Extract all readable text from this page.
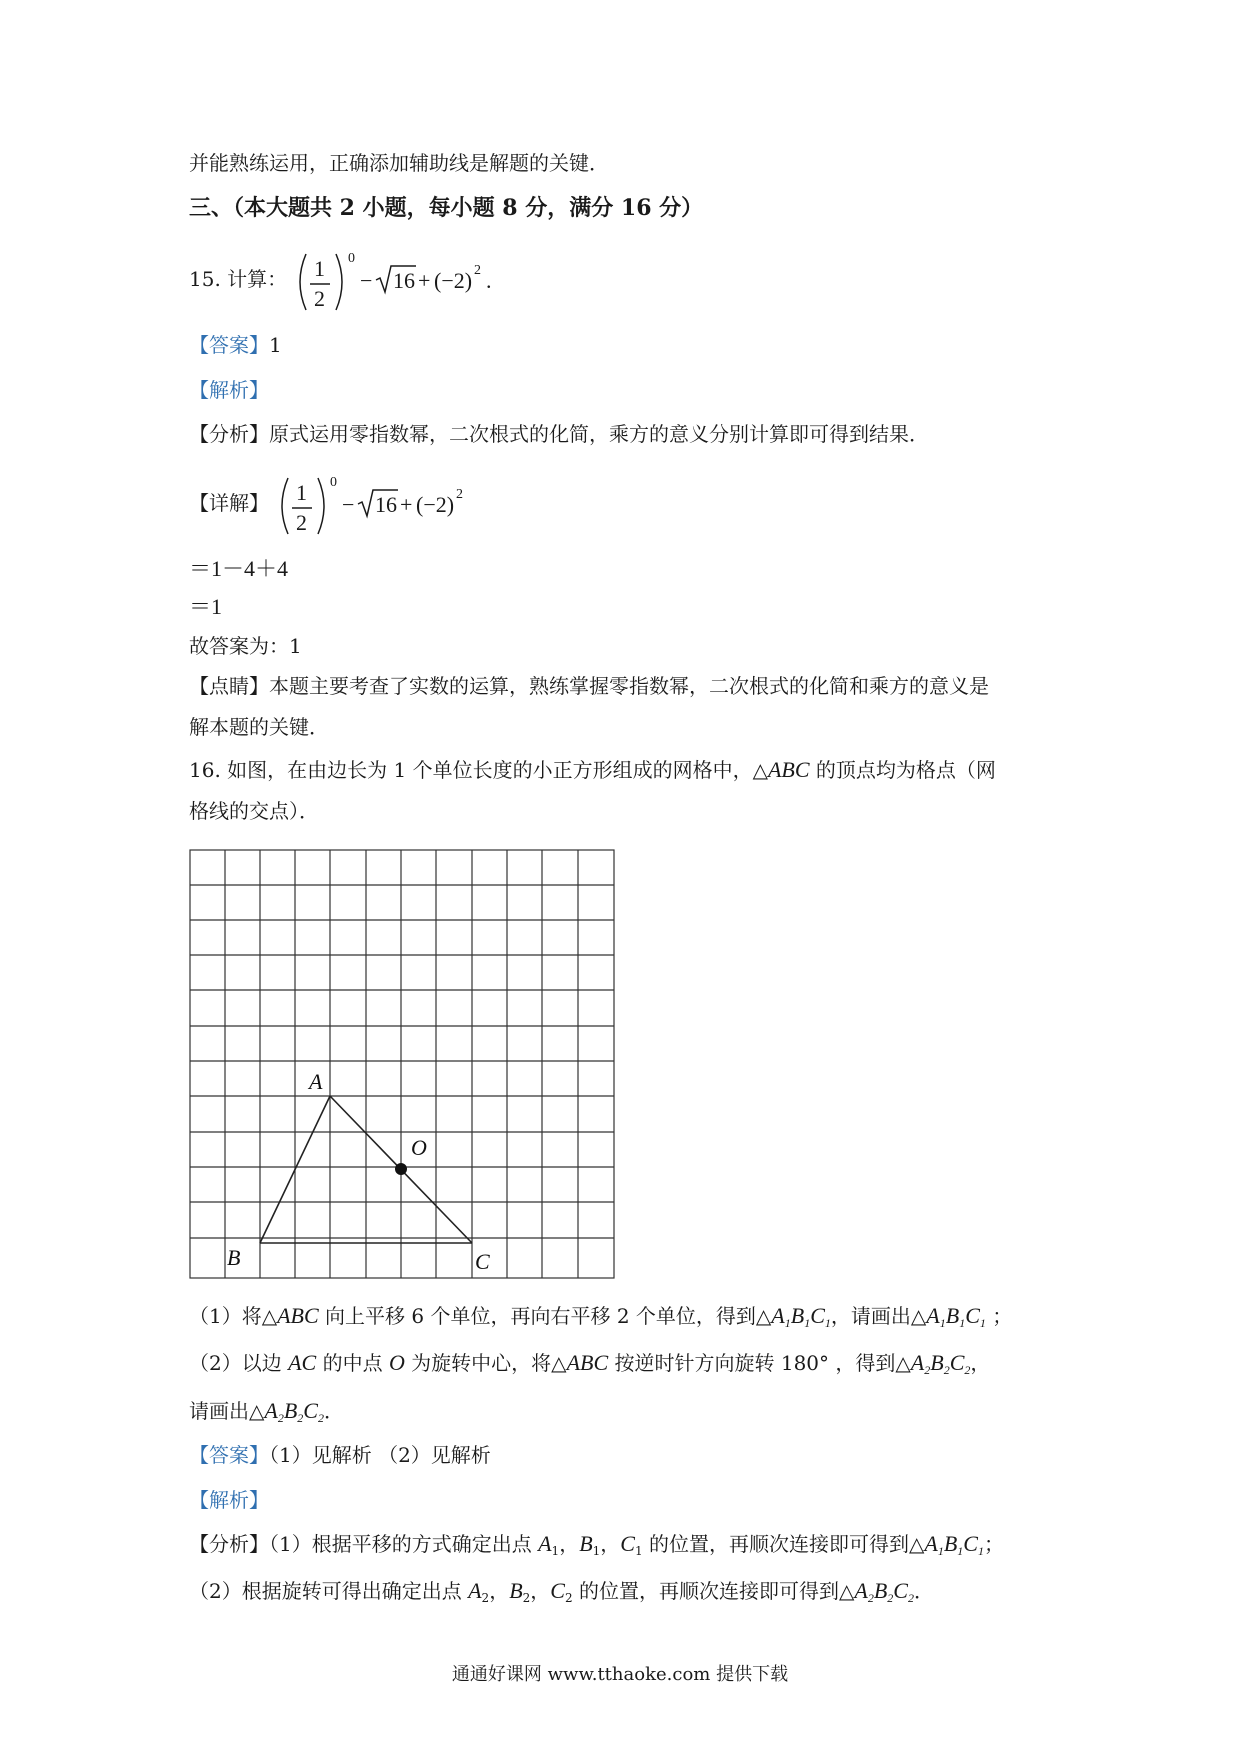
并能熟练运用，正确添加辅助线是解题的关键．
三、（本大题共 2 小题，每小题 8 分，满分 16 分）
15. 计算： 1
2
0
− 16 + (−2) 2 .
【答案】1
【解析】
【分析】原式运用零指数幂，二次根式的化简，乘方的意义分别计算即可得到结果．
【详解】 1
2
0
− 16 + (−2) 2
＝1－4＋4
＝1
故答案为：1
【点睛】本题主要考查了实数的运算，熟练掌握零指数幂，二次根式的化简和乘方的意义是
解本题的关键．
16. 如图，在由边长为 1 个单位长度的小正方形组成的网格中，△ABC 的顶点均为格点（网
格线的交点）．
A
O
B	C
（1）将△ABC 向上平移 6 个单位，再向右平移 2 个单位，得到$\triangle A_1B_1C_1$，请画出$\triangle A_1B_1C_1$ ；
（2）以边 AC 的中点 O 为旋转中心，将△ABC 按逆时针方向旋转 180° ，得到$\triangle A_2B_2C_2$，
请画出$\triangle A_2B_2C_2$．
【答案】（1）见解析 （2）见解析
【解析】
【分析】（1）根据平移的方式确定出点 $A_1$，$B_1$，$C_1$ 的位置，再顺次连接即可得到$\triangle A_1B_1C_1$；
（2）根据旋转可得出确定出点 $A_2$，$B_2$，$C_2$ 的位置，再顺次连接即可得到$\triangle A_2B_2C_2$．
通通好课网 www.tthaoke.com 提供下载
